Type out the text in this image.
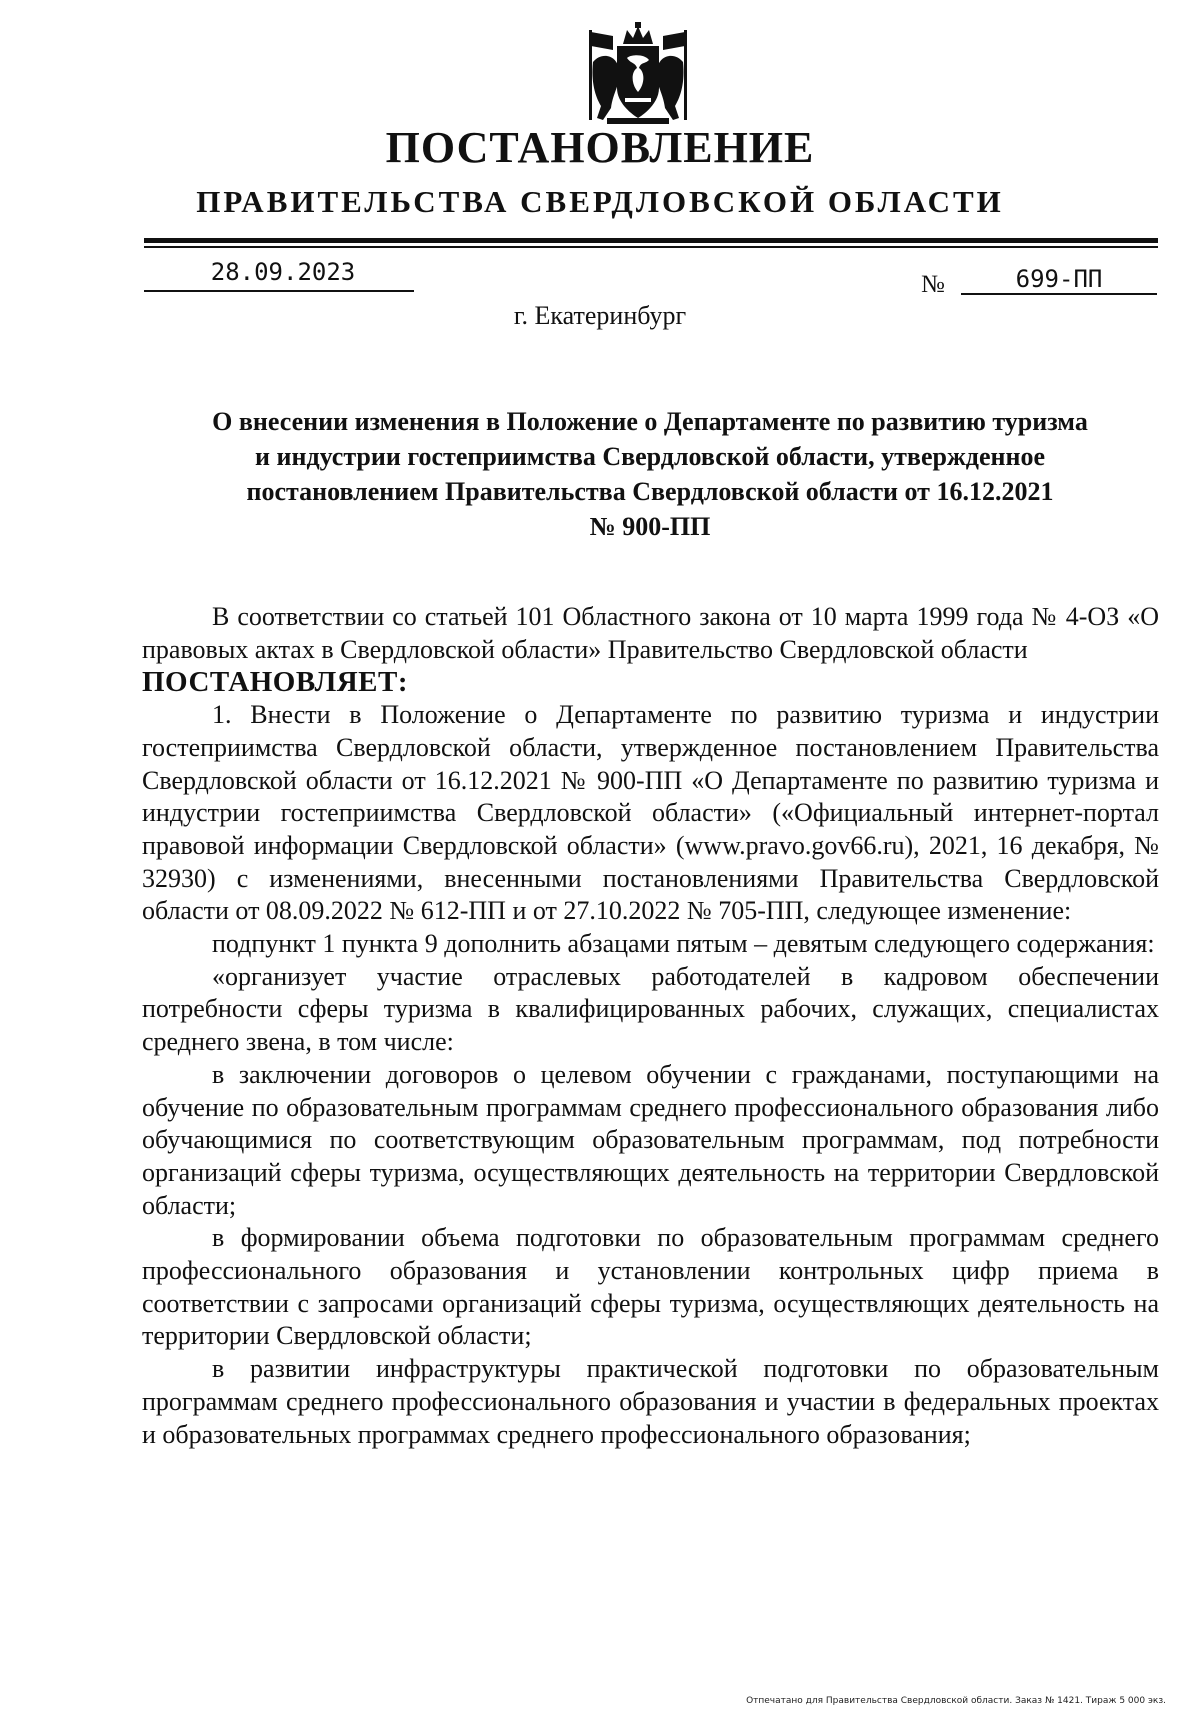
ПОСТАНОВЛЕНИЕ
ПРАВИТЕЛЬСТВА СВЕРДЛОВСКОЙ ОБЛАСТИ
28.09.2023	№	699-ПП
г. Екатеринбург
О внесении изменения в Положение о Департаменте по развитию туризма
и индустрии гостеприимства Свердловской области, утвержденное
постановлением Правительства Свердловской области от 16.12.2021
№ 900-ПП

В соответствии со статьей 101 Областного закона от 10 марта 1999 года № 4-ОЗ «О правовых актах в Свердловской области» Правительство Свердловской области

ПОСТАНОВЛЯЕТ:

1. Внести в Положение о Департаменте по развитию туризма и индустрии гостеприимства Свердловской области, утвержденное постановлением Правительства Свердловской области от 16.12.2021 № 900-ПП «О Департаменте по развитию туризма и индустрии гостеприимства Свердловской области» («Официальный интернет-портал правовой информации Свердловской области» (www.pravo.gov66.ru), 2021, 16 декабря, № 32930) с изменениями, внесенными постановлениями Правительства Свердловской области от 08.09.2022 № 612-ПП и от 27.10.2022 № 705-ПП, следующее изменение:

подпункт 1 пункта 9 дополнить абзацами пятым – девятым следующего содержания:

«организует участие отраслевых работодателей в кадровом обеспечении потребности сферы туризма в квалифицированных рабочих, служащих, специалистах среднего звена, в том числе:

в заключении договоров о целевом обучении с гражданами, поступающими на обучение по образовательным программам среднего профессионального образования либо обучающимися по соответствующим образовательным программам, под потребности организаций сферы туризма, осуществляющих деятельность на территории Свердловской области;

в формировании объема подготовки по образовательным программам среднего профессионального образования и установлении контрольных цифр приема в соответствии с запросами организаций сферы туризма, осуществляющих деятельность на территории Свердловской области;

в развитии инфраструктуры практической подготовки по образовательным программам среднего профессионального образования и участии в федеральных проектах и образовательных программах среднего профессионального образования;

Отпечатано для Правительства Свердловской области. Заказ № 1421. Тираж 5 000 экз.
